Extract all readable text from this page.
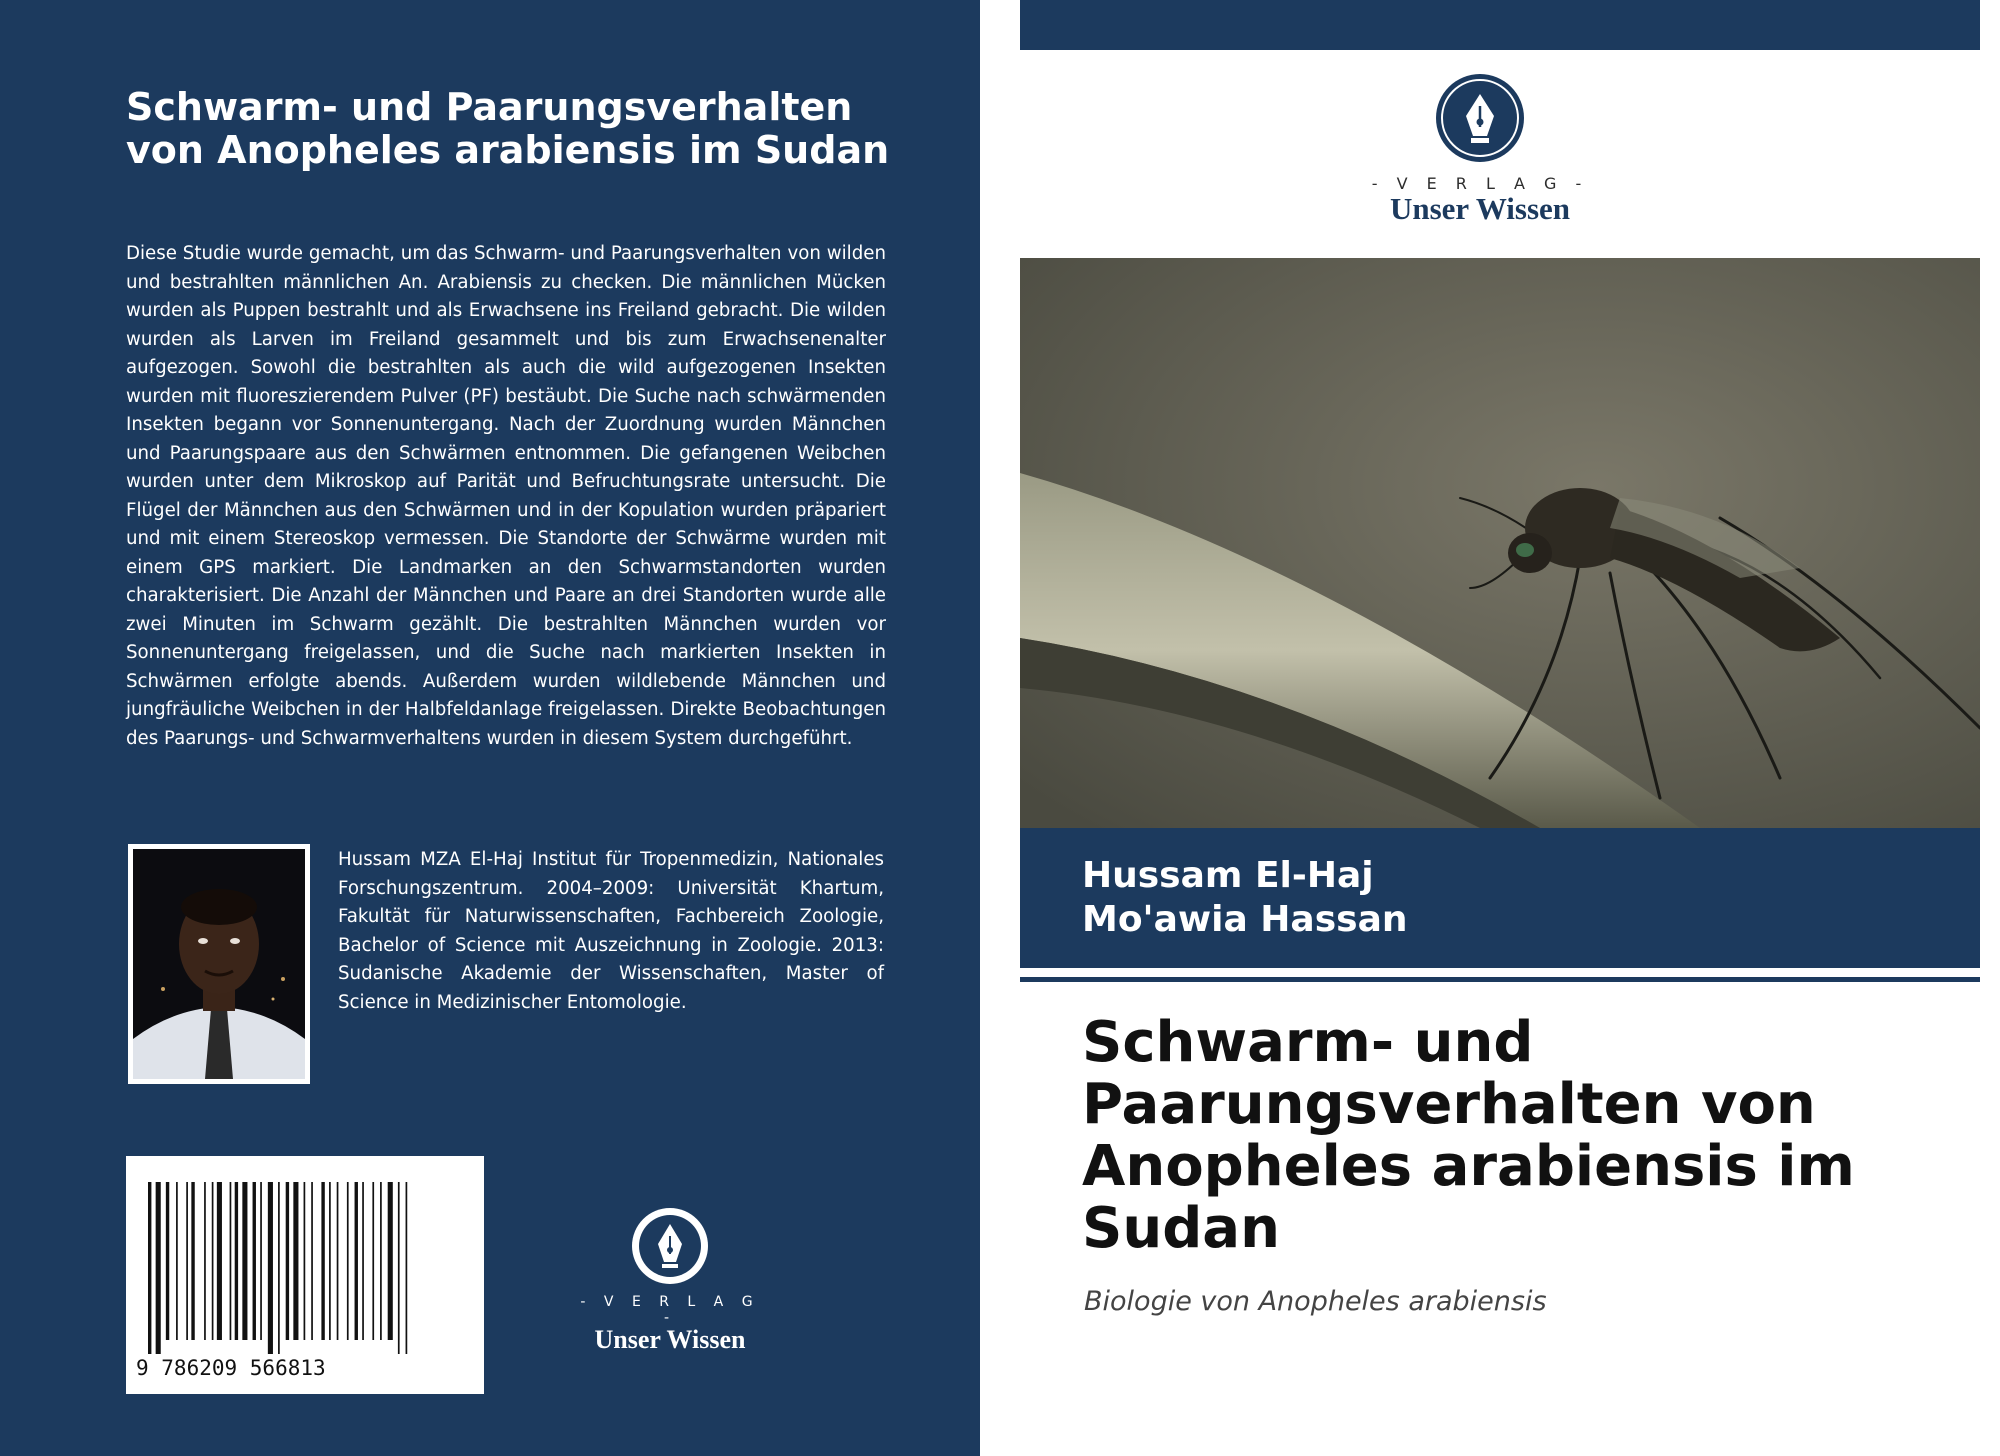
Schwarm- und Paarungsverhalten von Anopheles arabiensis im Sudan

Diese Studie wurde gemacht, um das Schwarm- und Paarungsverhalten von wilden und bestrahlten männlichen An. Arabiensis zu checken. Die männlichen Mücken wurden als Puppen bestrahlt und als Erwachsene ins Freiland gebracht. Die wilden wurden als Larven im Freiland gesammelt und bis zum Erwachsenenalter aufgezogen. Sowohl die bestrahlten als auch die wild aufgezogenen Insekten wurden mit fluoreszierendem Pulver (PF) bestäubt. Die Suche nach schwärmenden Insekten begann vor Sonnenuntergang. Nach der Zuordnung wurden Männchen und Paarungspaare aus den Schwärmen entnommen. Die gefangenen Weibchen wurden unter dem Mikroskop auf Parität und Befruchtungsrate untersucht. Die Flügel der Männchen aus den Schwärmen und in der Kopulation wurden präpariert und mit einem Stereoskop vermessen. Die Standorte der Schwärme wurden mit einem GPS markiert. Die Landmarken an den Schwarmstandorten wurden charakterisiert. Die Anzahl der Männchen und Paare an drei Standorten wurde alle zwei Minuten im Schwarm gezählt. Die bestrahlten Männchen wurden vor Sonnenuntergang freigelassen, und die Suche nach markierten Insekten in Schwärmen erfolgte abends. Außerdem wurden wildlebende Männchen und jungfräuliche Weibchen in der Halbfeldanlage freigelassen. Direkte Beobachtungen des Paarungs- und Schwarmverhaltens wurden in diesem System durchgeführt.

Hussam MZA El-Haj Institut für Tropenmedizin, Nationales Forschungszentrum. 2004–2009: Universität Khartum, Fakultät für Naturwissenschaften, Fachbereich Zoologie, Bachelor of Science mit Auszeichnung in Zoologie. 2013: Sudanische Akademie der Wissenschaften, Master of Science in Medizinischer Entomologie.

9 786209 566813
- V E R L A G -
Unser Wissen
- V E R L A G -
Unser Wissen

Hussam El-Haj

Mo'awia Hassan

Schwarm- und Paarungsverhalten von Anopheles arabiensis im Sudan

Biologie von Anopheles arabiensis
